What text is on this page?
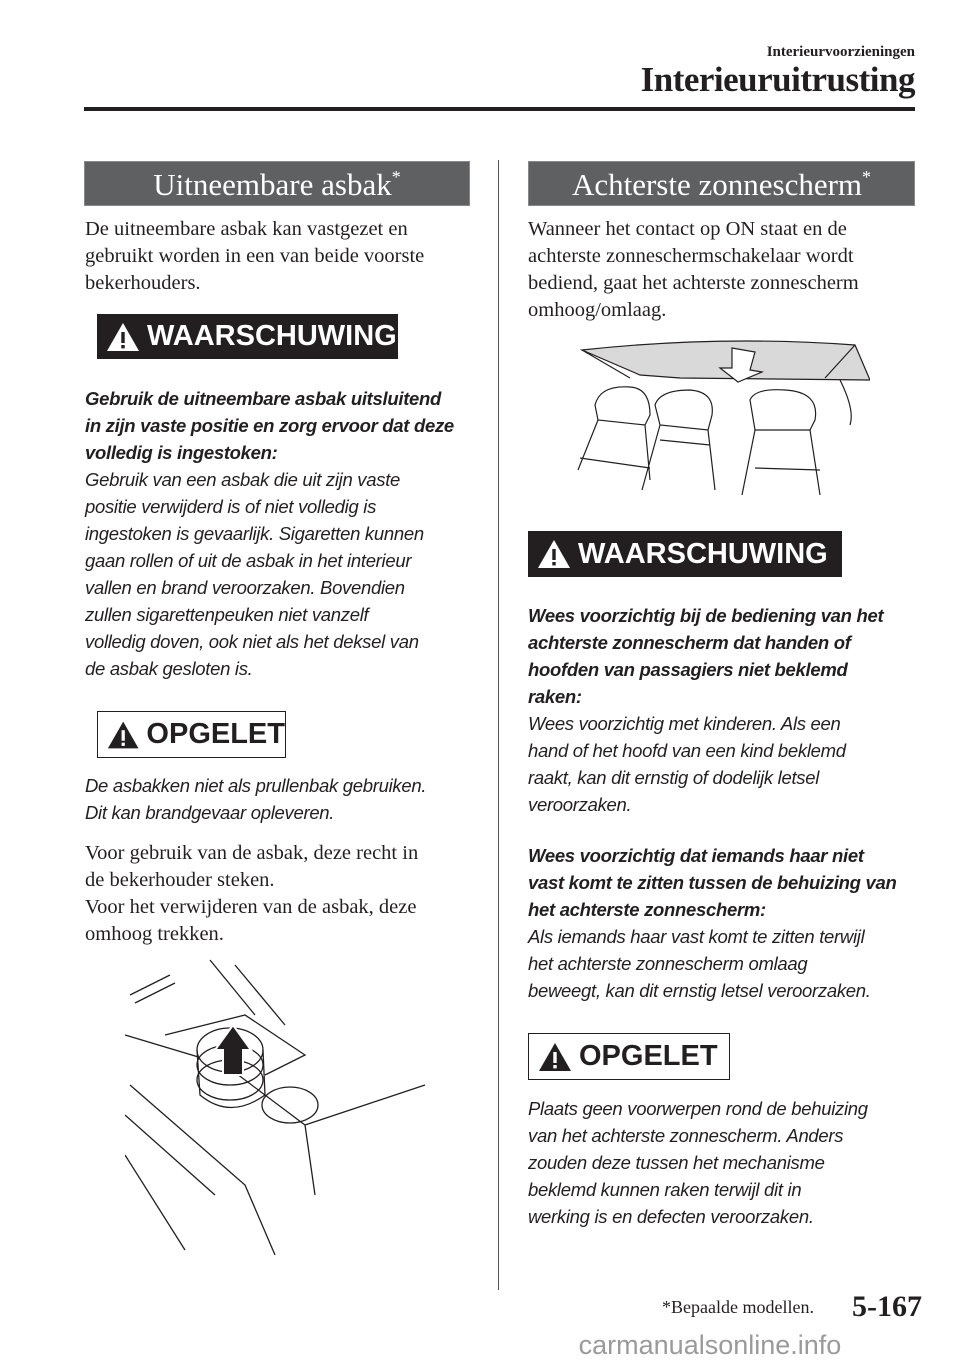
Interieurvoorzieningen
Interieuruitrusting
Uitneembare asbak*
De uitneembare asbak kan vastgezet en
gebruikt worden in een van beide voorste
bekerhouders.
WAARSCHUWING
Gebruik de uitneembare asbak uitsluitend
in zijn vaste positie en zorg ervoor dat deze
volledig is ingestoken:
Gebruik van een asbak die uit zijn vaste
positie verwijderd is of niet volledig is
ingestoken is gevaarlijk. Sigaretten kunnen
gaan rollen of uit de asbak in het interieur
vallen en brand veroorzaken. Bovendien
zullen sigarettenpeuken niet vanzelf
volledig doven, ook niet als het deksel van
de asbak gesloten is.
OPGELET
De asbakken niet als prullenbak gebruiken.
Dit kan brandgevaar opleveren.
Voor gebruik van de asbak, deze recht in
de bekerhouder steken.
Voor het verwijderen van de asbak, deze
omhoog trekken.
Achterste zonnescherm*
Wanneer het contact op ON staat en de
achterste zonneschermschakelaar wordt
bediend, gaat het achterste zonnescherm
omhoog/omlaag.
WAARSCHUWING
Wees voorzichtig bij de bediening van het
achterste zonnescherm dat handen of
hoofden van passagiers niet beklemd
raken:
Wees voorzichtig met kinderen. Als een
hand of het hoofd van een kind beklemd
raakt, kan dit ernstig of dodelijk letsel
veroorzaken.
Wees voorzichtig dat iemands haar niet
vast komt te zitten tussen de behuizing van
het achterste zonnescherm:
Als iemands haar vast komt te zitten terwijl
het achterste zonnescherm omlaag
beweegt, kan dit ernstig letsel veroorzaken.
OPGELET
Plaats geen voorwerpen rond de behuizing
van het achterste zonnescherm. Anders
zouden deze tussen het mechanisme
beklemd kunnen raken terwijl dit in
werking is en defecten veroorzaken.
*Bepaalde modellen. 5-167
carmanualsonline.info
